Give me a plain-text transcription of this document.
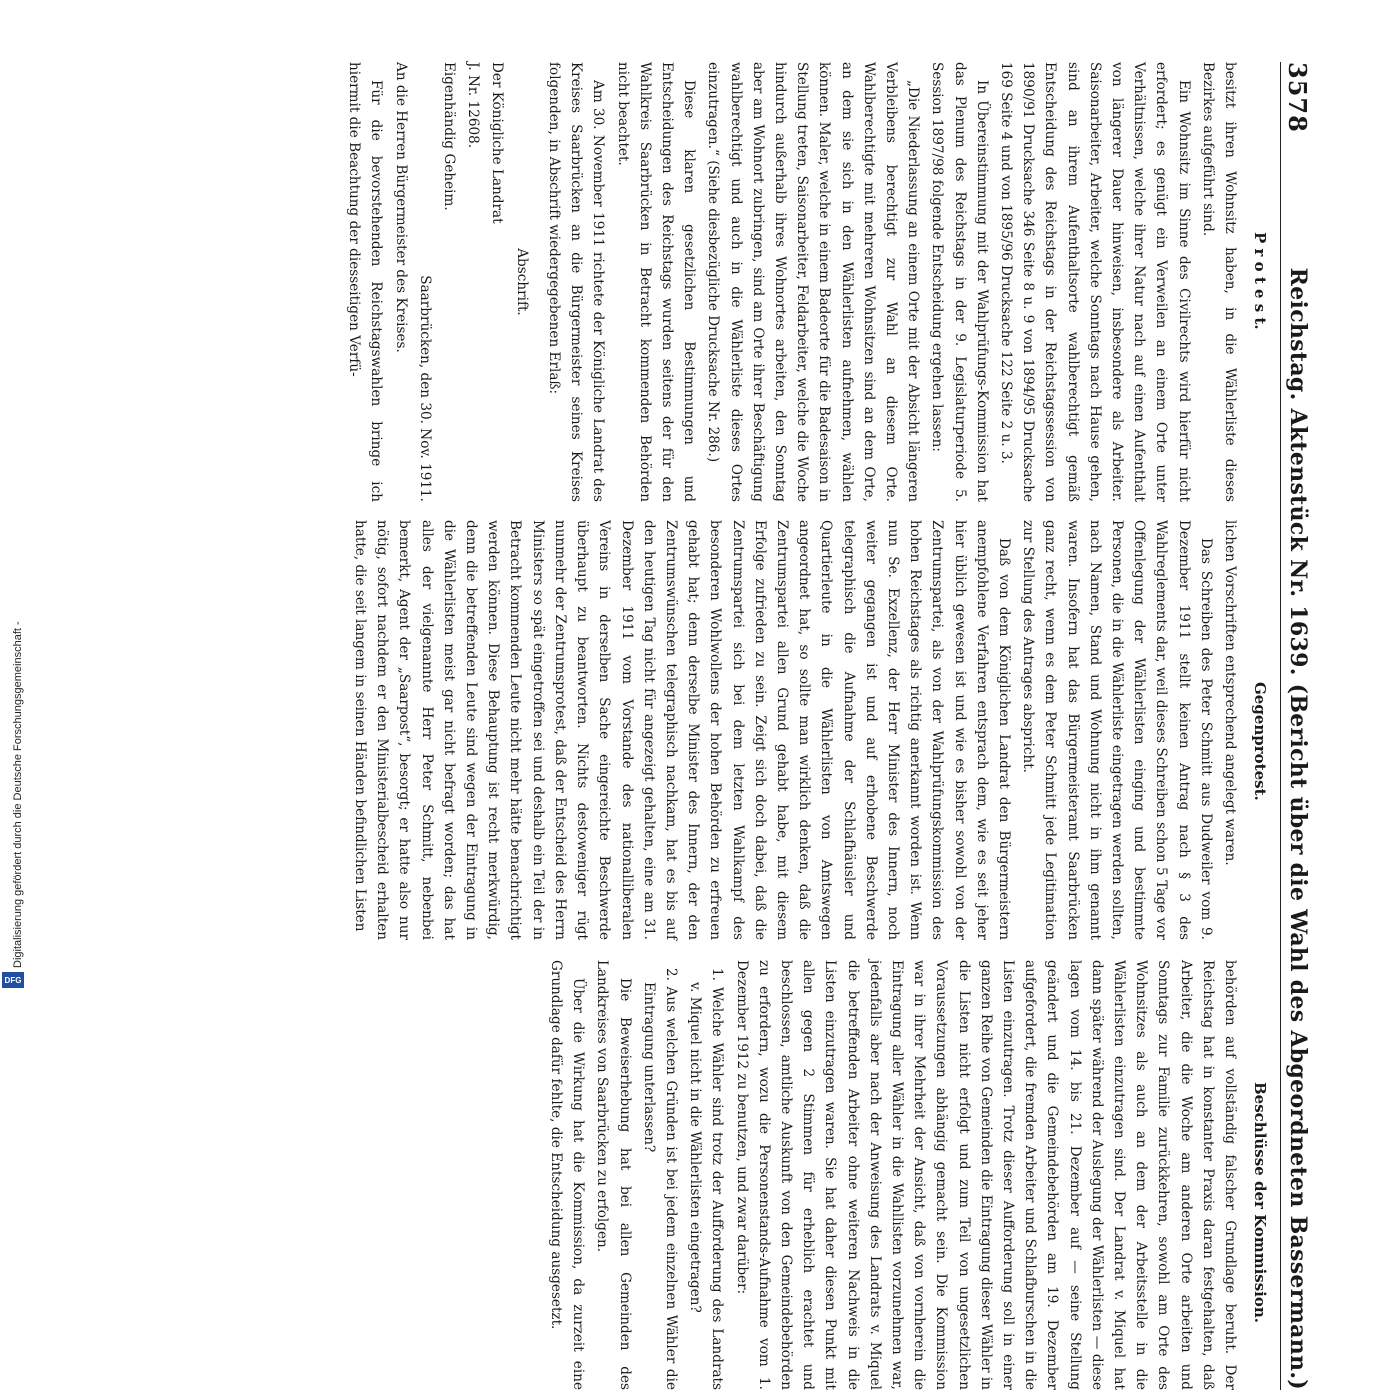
3578
Reichstag. Aktenstück Nr. 1639. (Bericht über die Wahl des Abgeordneten Bassermann.)
P r o t e s t.
Gegenprotest.
Beschlüsse der Kommission.

besitzt ihren Wohnsitz haben, in die Wählerliste dieses Bezirkes aufgeführt sind.

Ein Wohnsitz im Sinne des Civilrechts wird hierfür nicht erfordert; es genügt ein Verweilen an einem Orte unter Verhältnissen, welche ihrer Natur nach auf einen Aufenthalt von längerer Dauer hinweisen, insbesondere als Arbeiter. Saisonarbeiter, Arbeiter, welche Sonntags nach Hause gehen, sind an ihrem Aufenthaltsorte wahlberechtigt gemäß Entscheidung des Reichstags in der Reichstagssession von 1890/91 Drucksache 346 Seite 8 u. 9 von 1894/95 Drucksache 169 Seite 4 und von 1895/96 Drucksache 122 Seite 2 u. 3.

In Übereinstimmung mit der Wahlprüfungs-Kommission hat das Plenum des Reichstags in der 9. Legislaturperiode 5. Session 1897/98 folgende Entscheidung ergehen lassen:

„Die Niederlassung an einem Orte mit der Absicht längeren Verbleibens berechtigt zur Wahl an diesem Orte. Wahlberechtigte mit mehreren Wohnsitzen sind an dem Orte, an dem sie sich in den Wählerlisten aufnehmen, wählen können. Maler, welche in einem Badeorte für die Badesaison in Stellung treten, Saisonarbeiter, Feldarbeiter, welche die Woche hindurch außerhalb ihres Wohnortes arbeiten, den Sonntag aber am Wohnort zubringen, sind am Orte ihrer Beschäftigung wahlberechtigt und auch in die Wählerliste dieses Ortes einzutragen.“ (Siehe diesbezügliche Drucksache Nr. 286.)

Diese klaren gesetzlichen Bestimmungen und Entscheidungen des Reichstags wurden seitens der für den Wahlkreis Saarbrücken in Betracht kommenden Behörden nicht beachtet.

Am 30. November 1911 richtete der Königliche Landrat des Kreises Saarbrücken an die Bürgermeister seines Kreises folgenden, in Abschrift wiedergegebenen Erlaß:

Abschrift.

Der Königliche Landrat

J. Nr. 12608.

Eigenhändig Geheim.

Saarbrücken, den 30. Nov. 1911.

An die Herren Bürgermeister des Kreises.

Für die bevorstehenden Reichstagswahlen bringe ich hiermit die Beachtung der diesseitigen Verfü-

lichen Vorschriften entsprechend angelegt waren.

Das Schreiben des Peter Schmitt aus Dudweiler vom 9. Dezember 1911 stellt keinen Antrag nach § 3 des Wahlreglements dar, weil dieses Schreiben schon 5 Tage vor Offenlegung der Wählerlisten einging und bestimmte Personen, die in die Wählerliste eingetragen werden sollten, nach Namen, Stand und Wohnung nicht in ihm genannt waren. Insofern hat das Bürgermeisteramt Saarbrücken ganz recht, wenn es dem Peter Schmitt jede Legitimation zur Stellung des Antrages abspricht.

Daß von dem Königlichen Landrat den Bürgermeistern anempfohlene Verfahren entsprach dem, wie es seit jeher hier üblich gewesen ist und wie es bisher sowohl von der Zentrumspartei, als von der Wahlprüfungskommission des hohen Reichstages als richtig anerkannt worden ist. Wenn nun Se. Exzellenz, der Herr Minister des Innern, noch weiter gegangen ist und auf erhobene Beschwerde telegraphisch die Aufnahme der Schlafhäusler und Quartierleute in die Wählerlisten von Amtswegen angeordnet hat, so sollte man wirklich denken, daß die Zentrumspartei allen Grund gehabt habe, mit diesem Erfolge zufrieden zu sein. Zeigt sich doch dabei, daß die Zentrumspartei sich bei dem letzten Wahlkampf des besonderen Wohlwollens der hohen Behörden zu erfreuen gehabt hat; denn derselbe Minister des Innern, der den Zentrumswünschen telegraphisch nachkam, hat es bis auf den heutigen Tag nicht für angezeigt gehalten, eine am 31. Dezember 1911 vom Vorstande des nationalliberalen Vereins in derselben Sache eingereichte Beschwerde überhaupt zu beantworten. Nichts destoweniger rügt nunmehr der Zentrumsprotest, daß der Entscheid des Herrn Ministers so spät eingetroffen sei und deshalb ein Teil der in Betracht kommenden Leute nicht mehr hätte benachrichtigt werden können. Diese Behauptung ist recht merkwürdig, denn die betreffenden Leute sind wegen der Eintragung in die Wählerlisten meist gar nicht befragt worden; das hat alles der vielgenannte Herr Peter Schmitt, nebenbei bemerkt, Agent der „Saarpost“, besorgt; er hatte also nur nötig, sofort nachdem er den Ministerialbescheid erhalten hatte, die seit langem in seinen Händen befindlichen Listen

behörden auf vollständig falscher Grundlage beruht. Der Reichstag hat in konstanter Praxis daran festgehalten, daß Arbeiter, die die Woche am anderen Orte arbeiten und Sonntags zur Familie zurückkehren, sowohl am Orte des Wohnsitzes als auch an dem der Arbeitsstelle in die Wählerlisten einzutragen sind. Der Landrat v. Miquel hat dann später während der Auslegung der Wählerlisten — diese lagen vom 14. bis 21. Dezember auf — seine Stellung geändert und die Gemeindebehörden am 19. Dezember aufgefordert, die fremden Arbeiter und Schlafburschen in die Listen einzutragen. Trotz dieser Aufforderung soll in einer ganzen Reihe von Gemeinden die Eintragung dieser Wähler in die Listen nicht erfolgt und zum Teil von ungesetzlichen Voraussetzungen abhängig gemacht sein. Die Kommission war in ihrer Mehrheit der Ansicht, daß von vornherein die Eintragung aller Wähler in die Wahllisten vorzunehmen war, jedenfalls aber nach der Anweisung des Landrats v. Miquel die betreffenden Arbeiter ohne weiteren Nachweis in die Listen einzutragen waren. Sie hat daher diesen Punkt mit allen gegen 2 Stimmen für erheblich erachtet und beschlossen, amtliche Auskunft von den Gemeindebehörden zu erfordern, wozu die Personenstands-Aufnahme vom 1. Dezember 1912 zu benutzen, und zwar darüber:

1. Welche Wähler sind trotz der Aufforderung des Landrats v. Miquel nicht in die Wählerlisten eingetragen?

2. Aus welchen Gründen ist bei jedem einzelnen Wähler die Eintragung unterlassen?

Die Beweiserhebung hat bei allen Gemeinden des Landkreises von Saarbrücken zu erfolgen.

Über die Wirkung hat die Kommission, da zurzeit eine Grundlage dafür fehlte, die Entscheidung ausgesetzt.

Digitalisierung gefördert durch die Deutsche Forschungsgemeinschaft -
DFG
